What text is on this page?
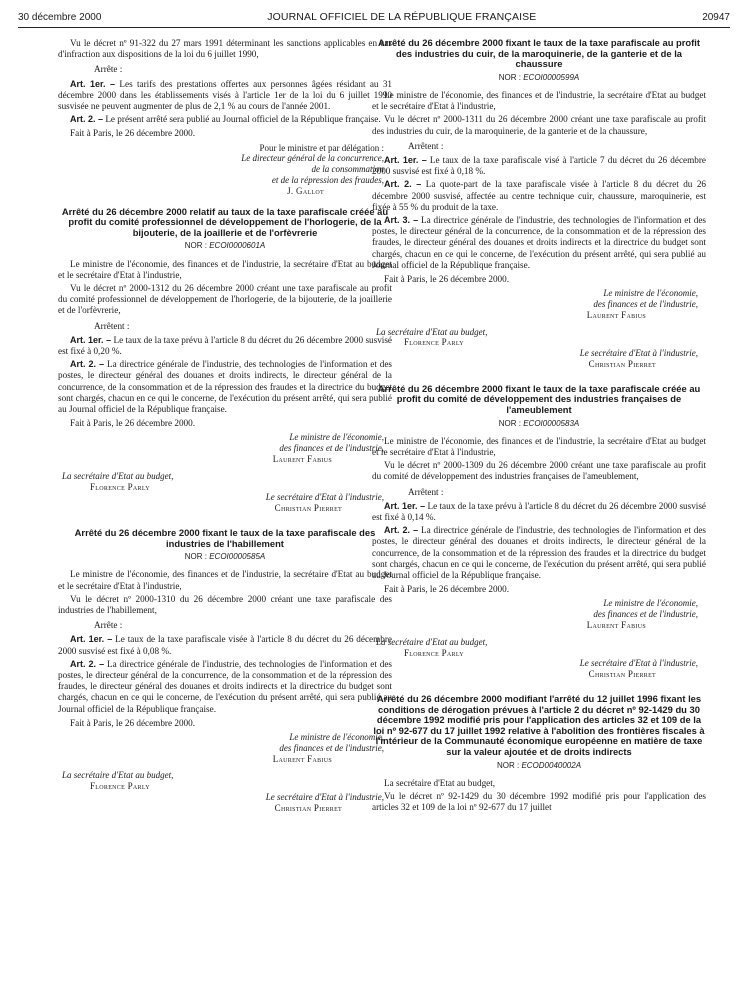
30 décembre 2000	JOURNAL OFFICIEL DE LA RÉPUBLIQUE FRANÇAISE	20947

Vu le décret nº 91-322 du 27 mars 1991 déterminant les sanctions applicables en cas d'infraction aux dispositions de la loi du 6 juillet 1990,

Arrête :

Art. 1er. – Les tarifs des prestations offertes aux personnes âgées résidant au 31 décembre 2000 dans les établissements visés à l'article 1er de la loi du 6 juillet 1990 susvisée ne peuvent augmenter de plus de 2,1 % au cours de l'année 2001.

Art. 2. – Le présent arrêté sera publié au Journal officiel de la République française.

Fait à Paris, le 26 décembre 2000.

Pour le ministre et par délégation :
Le directeur général de la concurrence,
de la consommation
et de la répression des fraudes,
J. Gallot
Arrêté du 26 décembre 2000 relatif au taux de la taxe parafiscale créée au profit du comité professionnel de développement de l'horlogerie, de la bijouterie, de la joaillerie et de l'orfèvrerie
NOR : ECOI0000601A

Le ministre de l'économie, des finances et de l'industrie, la secrétaire d'Etat au budget et le secrétaire d'Etat à l'industrie,

Vu le décret nº 2000-1312 du 26 décembre 2000 créant une taxe parafiscale au profit du comité professionnel de développement de l'horlogerie, de la bijouterie, de la joaillerie et de l'orfèvrerie,

Arrêtent :

Art. 1er. – Le taux de la taxe prévu à l'article 8 du décret du 26 décembre 2000 susvisé est fixé à 0,20 %.

Art. 2. – La directrice générale de l'industrie, des technologies de l'information et des postes, le directeur général des douanes et droits indirects, le directeur général de la concurrence, de la consommation et de la répression des fraudes et la directrice du budget sont chargés, chacun en ce qui le concerne, de l'exécution du présent arrêté, qui sera publié au Journal officiel de la République française.

Fait à Paris, le 26 décembre 2000.

Le ministre de l'économie,
des finances et de l'industrie,
Laurent Fabius
La secrétaire d'Etat au budget,
Florence Parly
Le secrétaire d'Etat à l'industrie,
Christian Pierret
Arrêté du 26 décembre 2000 fixant le taux de la taxe parafiscale des industries de l'habillement
NOR : ECOI0000585A

Le ministre de l'économie, des finances et de l'industrie, la secrétaire d'Etat au budget et le secrétaire d'Etat à l'industrie,

Vu le décret nº 2000-1310 du 26 décembre 2000 créant une taxe parafiscale des industries de l'habillement,

Arrête :

Art. 1er. – Le taux de la taxe parafiscale visée à l'article 8 du décret du 26 décembre 2000 susvisé est fixé à 0,08 %.

Art. 2. – La directrice générale de l'industrie, des technologies de l'information et des postes, le directeur général de la concurrence, de la consommation et de la répression des fraudes, le directeur général des douanes et droits indirects et la directrice du budget sont chargés, chacun en ce qui le concerne, de l'exécution du présent arrêté, qui sera publié au Journal officiel de la République française.

Fait à Paris, le 26 décembre 2000.

Le ministre de l'économie,
des finances et de l'industrie,
Laurent Fabius
La secrétaire d'Etat au budget,
Florence Parly
Le secrétaire d'Etat à l'industrie,
Christian Pierret
Arrêté du 26 décembre 2000 fixant le taux de la taxe parafiscale au profit des industries du cuir, de la maroquinerie, de la ganterie et de la chaussure
NOR : ECOI0000599A

Le ministre de l'économie, des finances et de l'industrie, la secrétaire d'Etat au budget et le secrétaire d'Etat à l'industrie,

Vu le décret nº 2000-1311 du 26 décembre 2000 créant une taxe parafiscale au profit des industries du cuir, de la maroquinerie, de la ganterie et de la chaussure,

Arrêtent :

Art. 1er. – Le taux de la taxe parafiscale visé à l'article 7 du décret du 26 décembre 2000 susvisé est fixé à 0,18 %.

Art. 2. – La quote-part de la taxe parafiscale visée à l'article 8 du décret du 26 décembre 2000 susvisé, affectée au centre technique cuir, chaussure, maroquinerie, est fixée à 55 % du produit de la taxe.

Art. 3. – La directrice générale de l'industrie, des technologies de l'information et des postes, le directeur général de la concurrence, de la consommation et de la répression des fraudes, le directeur général des douanes et droits indirects et la directrice du budget sont chargés, chacun en ce qui le concerne, de l'exécution du présent arrêté, qui sera publié au Journal officiel de la République française.

Fait à Paris, le 26 décembre 2000.

Le ministre de l'économie,
des finances et de l'industrie,
Laurent Fabius
La secrétaire d'Etat au budget,
Florence Parly
Le secrétaire d'Etat à l'industrie,
Christian Pierret
Arrêté du 26 décembre 2000 fixant le taux de la taxe parafiscale créée au profit du comité de développement des industries françaises de l'ameublement
NOR : ECOI0000583A

Le ministre de l'économie, des finances et de l'industrie, la secrétaire d'Etat au budget et le secrétaire d'Etat à l'industrie,

Vu le décret nº 2000-1309 du 26 décembre 2000 créant une taxe parafiscale au profit du comité de développement des industries françaises de l'ameublement,

Arrêtent :

Art. 1er. – Le taux de la taxe prévu à l'article 8 du décret du 26 décembre 2000 susvisé est fixé à 0,14 %.

Art. 2. – La directrice générale de l'industrie, des technologies de l'information et des postes, le directeur général des douanes et droits indirects, le directeur général de la concurrence, de la consommation et de la répression des fraudes et la directrice du budget sont chargés, chacun en ce qui le concerne, de l'exécution du présent arrêté, qui sera publié au Journal officiel de la République française.

Fait à Paris, le 26 décembre 2000.

Le ministre de l'économie,
des finances et de l'industrie,
Laurent Fabius
La secrétaire d'Etat au budget,
Florence Parly
Le secrétaire d'Etat à l'industrie,
Christian Pierret
Arrêté du 26 décembre 2000 modifiant l'arrêté du 12 juillet 1996 fixant les conditions de dérogation prévues à l'article 2 du décret nº 92-1429 du 30 décembre 1992 modifié pris pour l'application des articles 32 et 109 de la loi nº 92-677 du 17 juillet 1992 relative à l'abolition des frontières fiscales à l'intérieur de la Communauté économique européenne en matière de taxe sur la valeur ajoutée et de droits indirects
NOR : ECOD0040002A

La secrétaire d'Etat au budget,

Vu le décret nº 92-1429 du 30 décembre 1992 modifié pris pour l'application des articles 32 et 109 de la loi nº 92-677 du 17 juillet
